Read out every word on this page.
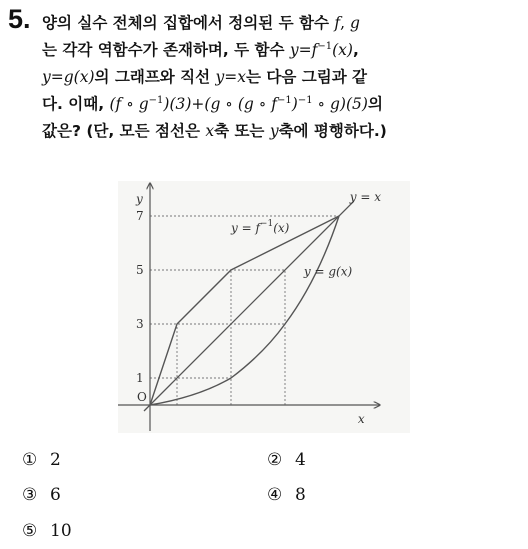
5. 양의 실수 전체의 집합에서 정의된 두 함수 f, g
는 각각 역함수가 존재하며, 두 함수 $y=f^{-1}(x)$,
y=g(x)의 그래프와 직선 y=x는 다음 그림과 같
다. 이때, (f ∘ $g^{-1})(3)+(g$ ∘ (g ∘ $f^{-1})^{-1}$ ∘ g)(5)의
값은? (단, 모든 점선은 x축 또는 y축에 평행하다.)
7
5
3
1
y
x
O
y = x
$y = f^{-1}(x)$
y = g(x)
① 2	② 4
③ 6	④ 8
⑤ 10
